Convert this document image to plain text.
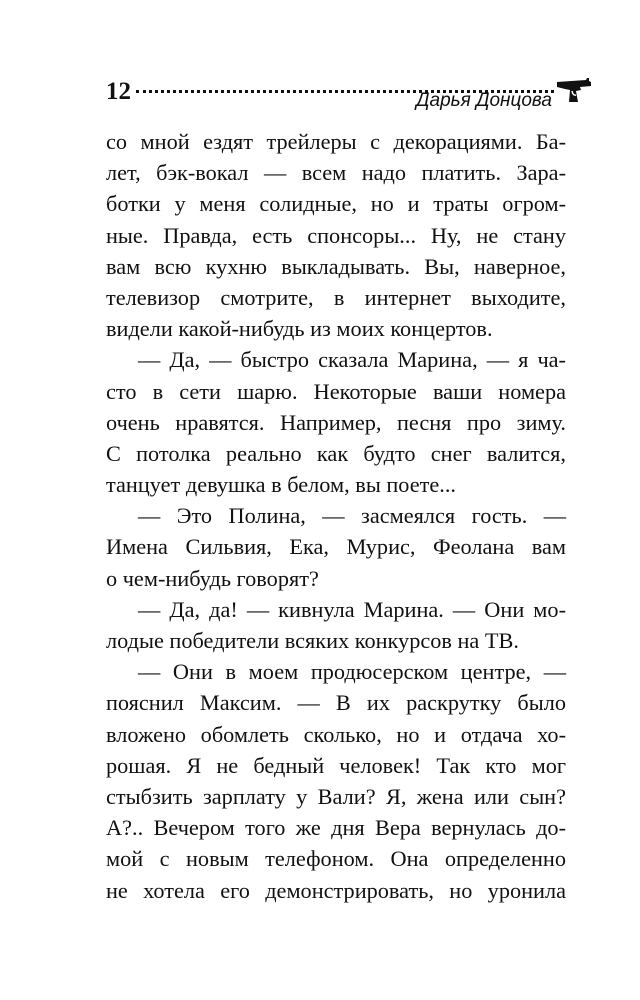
12	Дарья Донцова
со мной ездят трейлеры с декорациями. Ба-
лет, бэк-вокал — всем надо платить. Зара-
ботки у меня солидные, но и траты огром-
ные. Правда, есть спонсоры... Ну, не стану
вам всю кухню выкладывать. Вы, наверное,
телевизор смотрите, в интернет выходите,
видели какой-нибудь из моих концертов.
— Да, — быстро сказала Марина, — я ча-
сто в сети шарю. Некоторые ваши номера
очень нравятся. Например, песня про зиму.
С потолка реально как будто снег валится,
танцует девушка в белом, вы поете...
— Это Полина, — засмеялся гость. —
Имена Сильвия, Ека, Мурис, Феолана вам
о чем-нибудь говорят?
— Да, да! — кивнула Марина. — Они мо-
лодые победители всяких конкурсов на ТВ.
— Они в моем продюсерском центре, —
пояснил Максим. — В их раскрутку было
вложено обомлеть сколько, но и отдача хо-
рошая. Я не бедный человек! Так кто мог
стыбзить зарплату у Вали? Я, жена или сын?
А?.. Вечером того же дня Вера вернулась до-
мой с новым телефоном. Она определенно
не хотела его демонстрировать, но уронила
